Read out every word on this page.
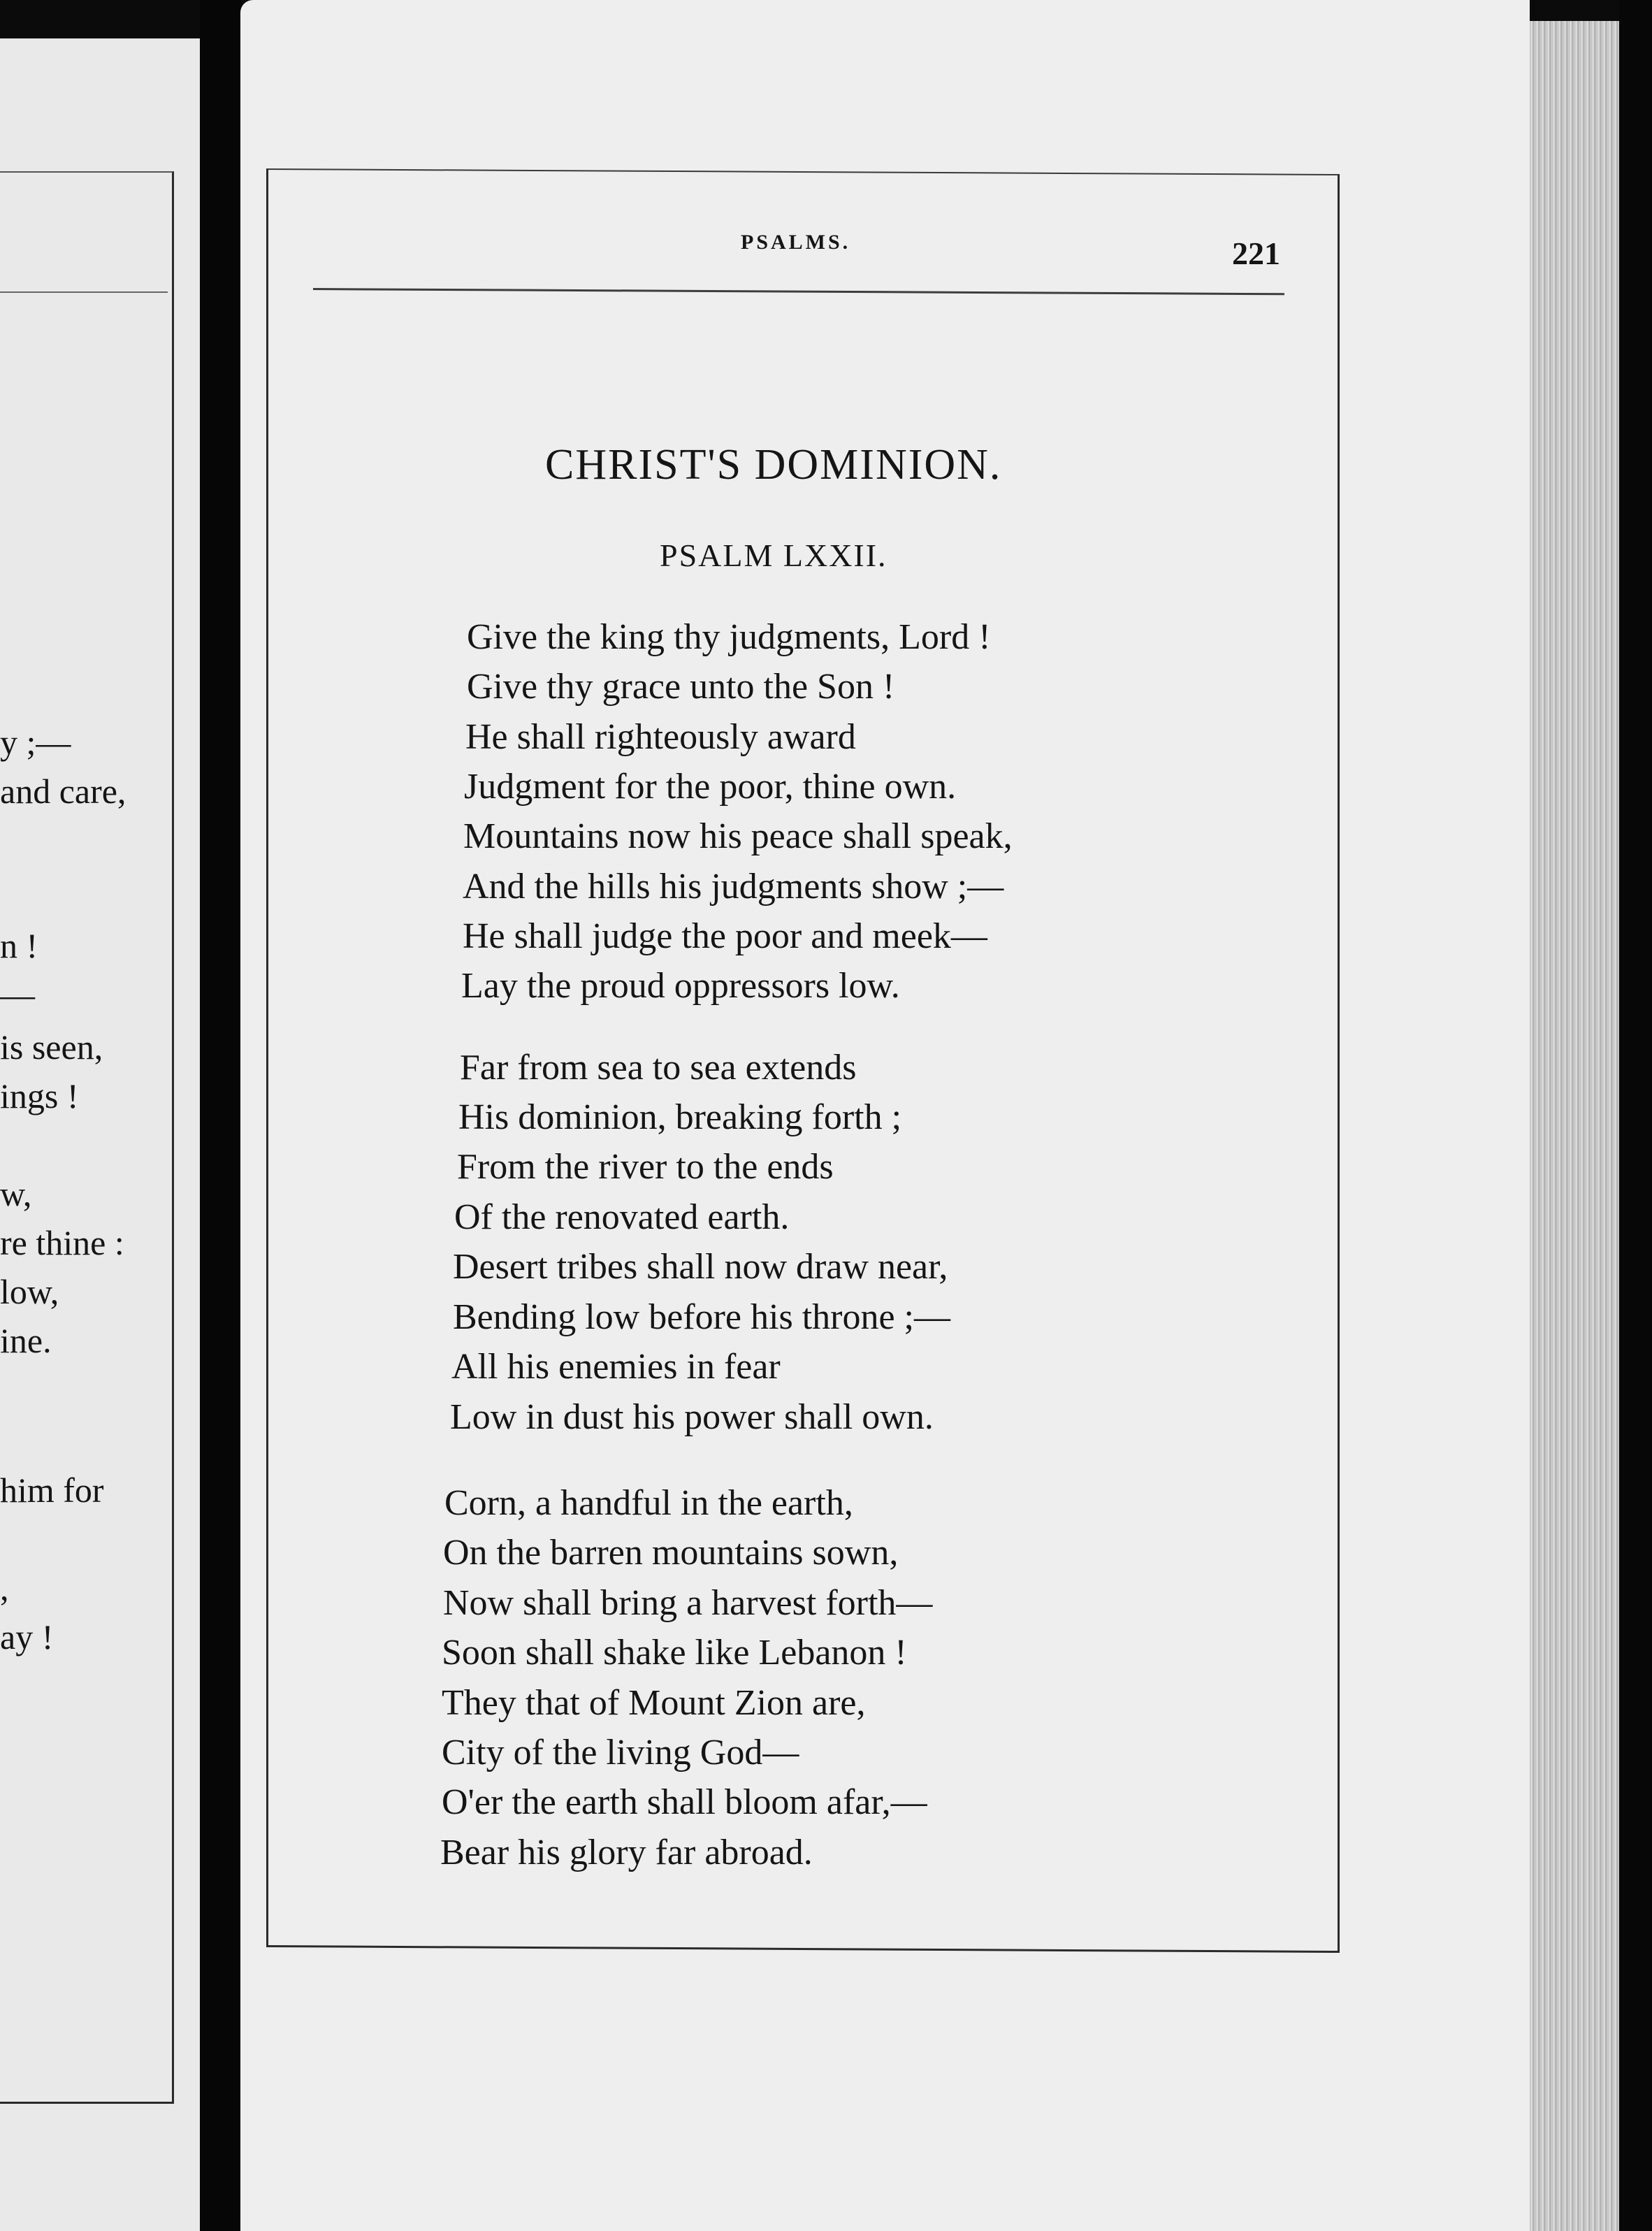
y ;—
and care,
n !
—
is seen,
ings !
w,
re thine :
low,
ine.
him for
,
ay !
PSALMS.	221
CHRIST'S DOMINION.
PSALM LXXII.
Give the king thy judgments, Lord !
Give thy grace unto the Son !
He shall righteously award
Judgment for the poor, thine own.
Mountains now his peace shall speak,
And the hills his judgments show ;—
He shall judge the poor and meek—
Lay the proud oppressors low.
Far from sea to sea extends
His dominion, breaking forth ;
From the river to the ends
Of the renovated earth.
Desert tribes shall now draw near,
Bending low before his throne ;—
All his enemies in fear
Low in dust his power shall own.
Corn, a handful in the earth,
On the barren mountains sown,
Now shall bring a harvest forth—
Soon shall shake like Lebanon !
They that of Mount Zion are,
City of the living God—
O'er the earth shall bloom afar,—
Bear his glory far abroad.
